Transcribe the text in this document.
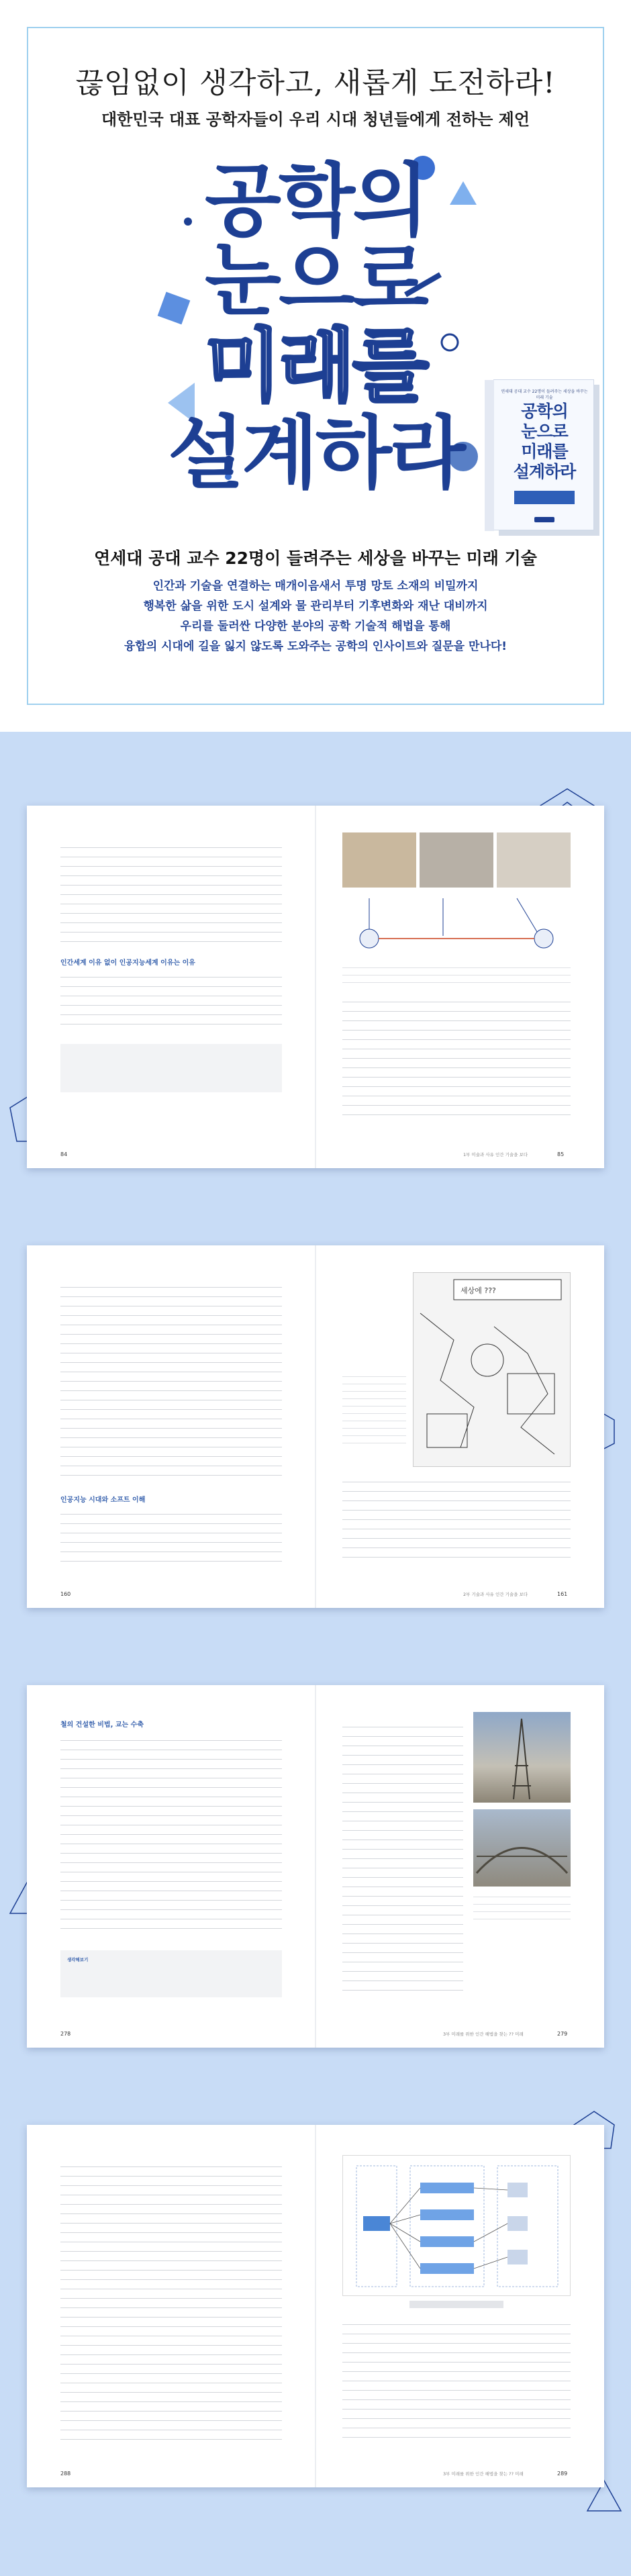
끊임없이 생각하고, 새롭게 도전하라!
대한민국 대표 공학자들이 우리 시대 청년들에게 전하는 제언
공학의
눈으로
미래를
설계하라
연세대 공대 교수 22명이 들려주는 세상을 바꾸는 미래 기술
공학의
눈으로
미래를
설계하라
연세대 공대 교수 22명이 들려주는 세상을 바꾸는 미래 기술
인간과 기술을 연결하는 매개이음새서 투명 망토 소재의 비밀까지
행복한 삶을 위한 도시 설계와 물 관리부터 기후변화와 재난 대비까지
우리를 둘러싼 다양한 분야의 공학 기술적 해법을 통해
융합의 시대에 길을 잃지 않도록 도와주는 공학의 인사이트와 질문을 만나다!
인간세계 이유 없이 인공지능세계 이유는 이유
84	1부 미술과 사유 인간 기술을 보다	85
인공지능 시대와 소프트 이해
160
세상에 ???
2부 기술과 사유 인간 기술을 보다	161
철의 건설한 비법, 교는 수축
생각해보기
278	3부 미래를 위한 인간 해법을 찾는 ?? 미래	279
288	3부 미래를 위한 인간 해법을 찾는 ?? 미래	289
